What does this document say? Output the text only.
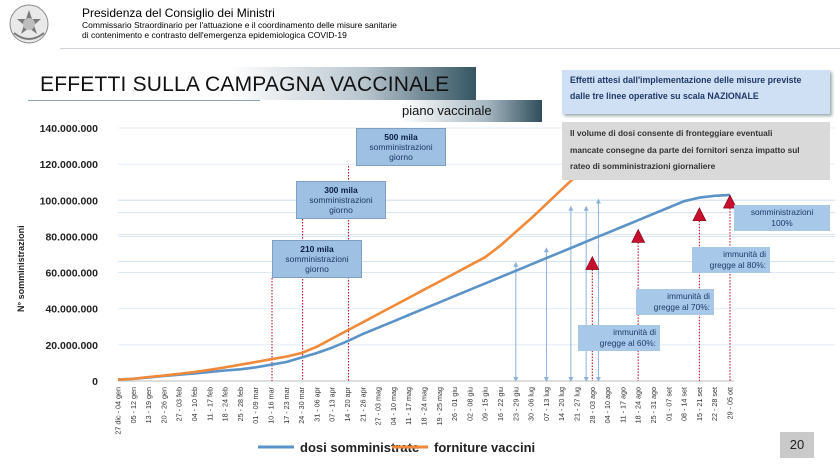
Presidenza del Consiglio dei Ministri
Commissario Straordinario per l'attuazione e il coordinamento delle misure sanitarie
di contenimento e contrasto dell'emergenza epidemiologica COVID-19
EFFETTI SULLA CAMPAGNA VACCINALE
piano vaccinale
0
20.000.000
40.000.000
60.000.000
80.000.000
100.000.000
120.000.000
140.000.000
27 dic - 04 gen 05 - 12 gen 13 - 19 gen 20 - 26 gen 27 - 03 feb 04 - 10 feb 11 - 17 feb 18 - 24 feb 25 - 28 feb 01 - 09 mar 10 - 16 mar 17 - 23 mar 24 - 30 mar 31 - 06 apr 07 - 13 apr 14 - 20 apr 21 - 26 apr 27 - 03 mag 04 - 10 mag 11 - 17 mag 18 - 24 mag 19 - 25 mag 26 - 01 giu 02 - 08 giu 09 - 15 giu 16 - 22 giu 23 - 29 giu 30 - 06 lug 07 - 13 lug 14 - 20 lug 21 - 27 lug 28 - 03 ago 04 - 10 ago 11 - 17 ago 18 - 24 ago 25 - 31 ago 01 - 07 set 08 - 14 set 15 - 21 set 22 - 28 set 29 - 05 ott
dosi somministrate forniture vaccini
N° somministrazioni
Effetti attesi dall'implementazione delle misure previste
dalle tre linee operative su scala NAZIONALE
Il volume di dosi consente di fronteggiare eventuali
mancate consegne da parte dei fornitori senza impatto sul
rateo di somministrazioni giornaliere
210 mila
somministrazioni
giorno
300 mila
somministrazioni
giorno
500 mila
somministrazioni
giorno
immunità di
gregge al 60%:
immunità di
gregge al 70%:
immunità di
gregge al 80%:
somministrazioni
100%
20
